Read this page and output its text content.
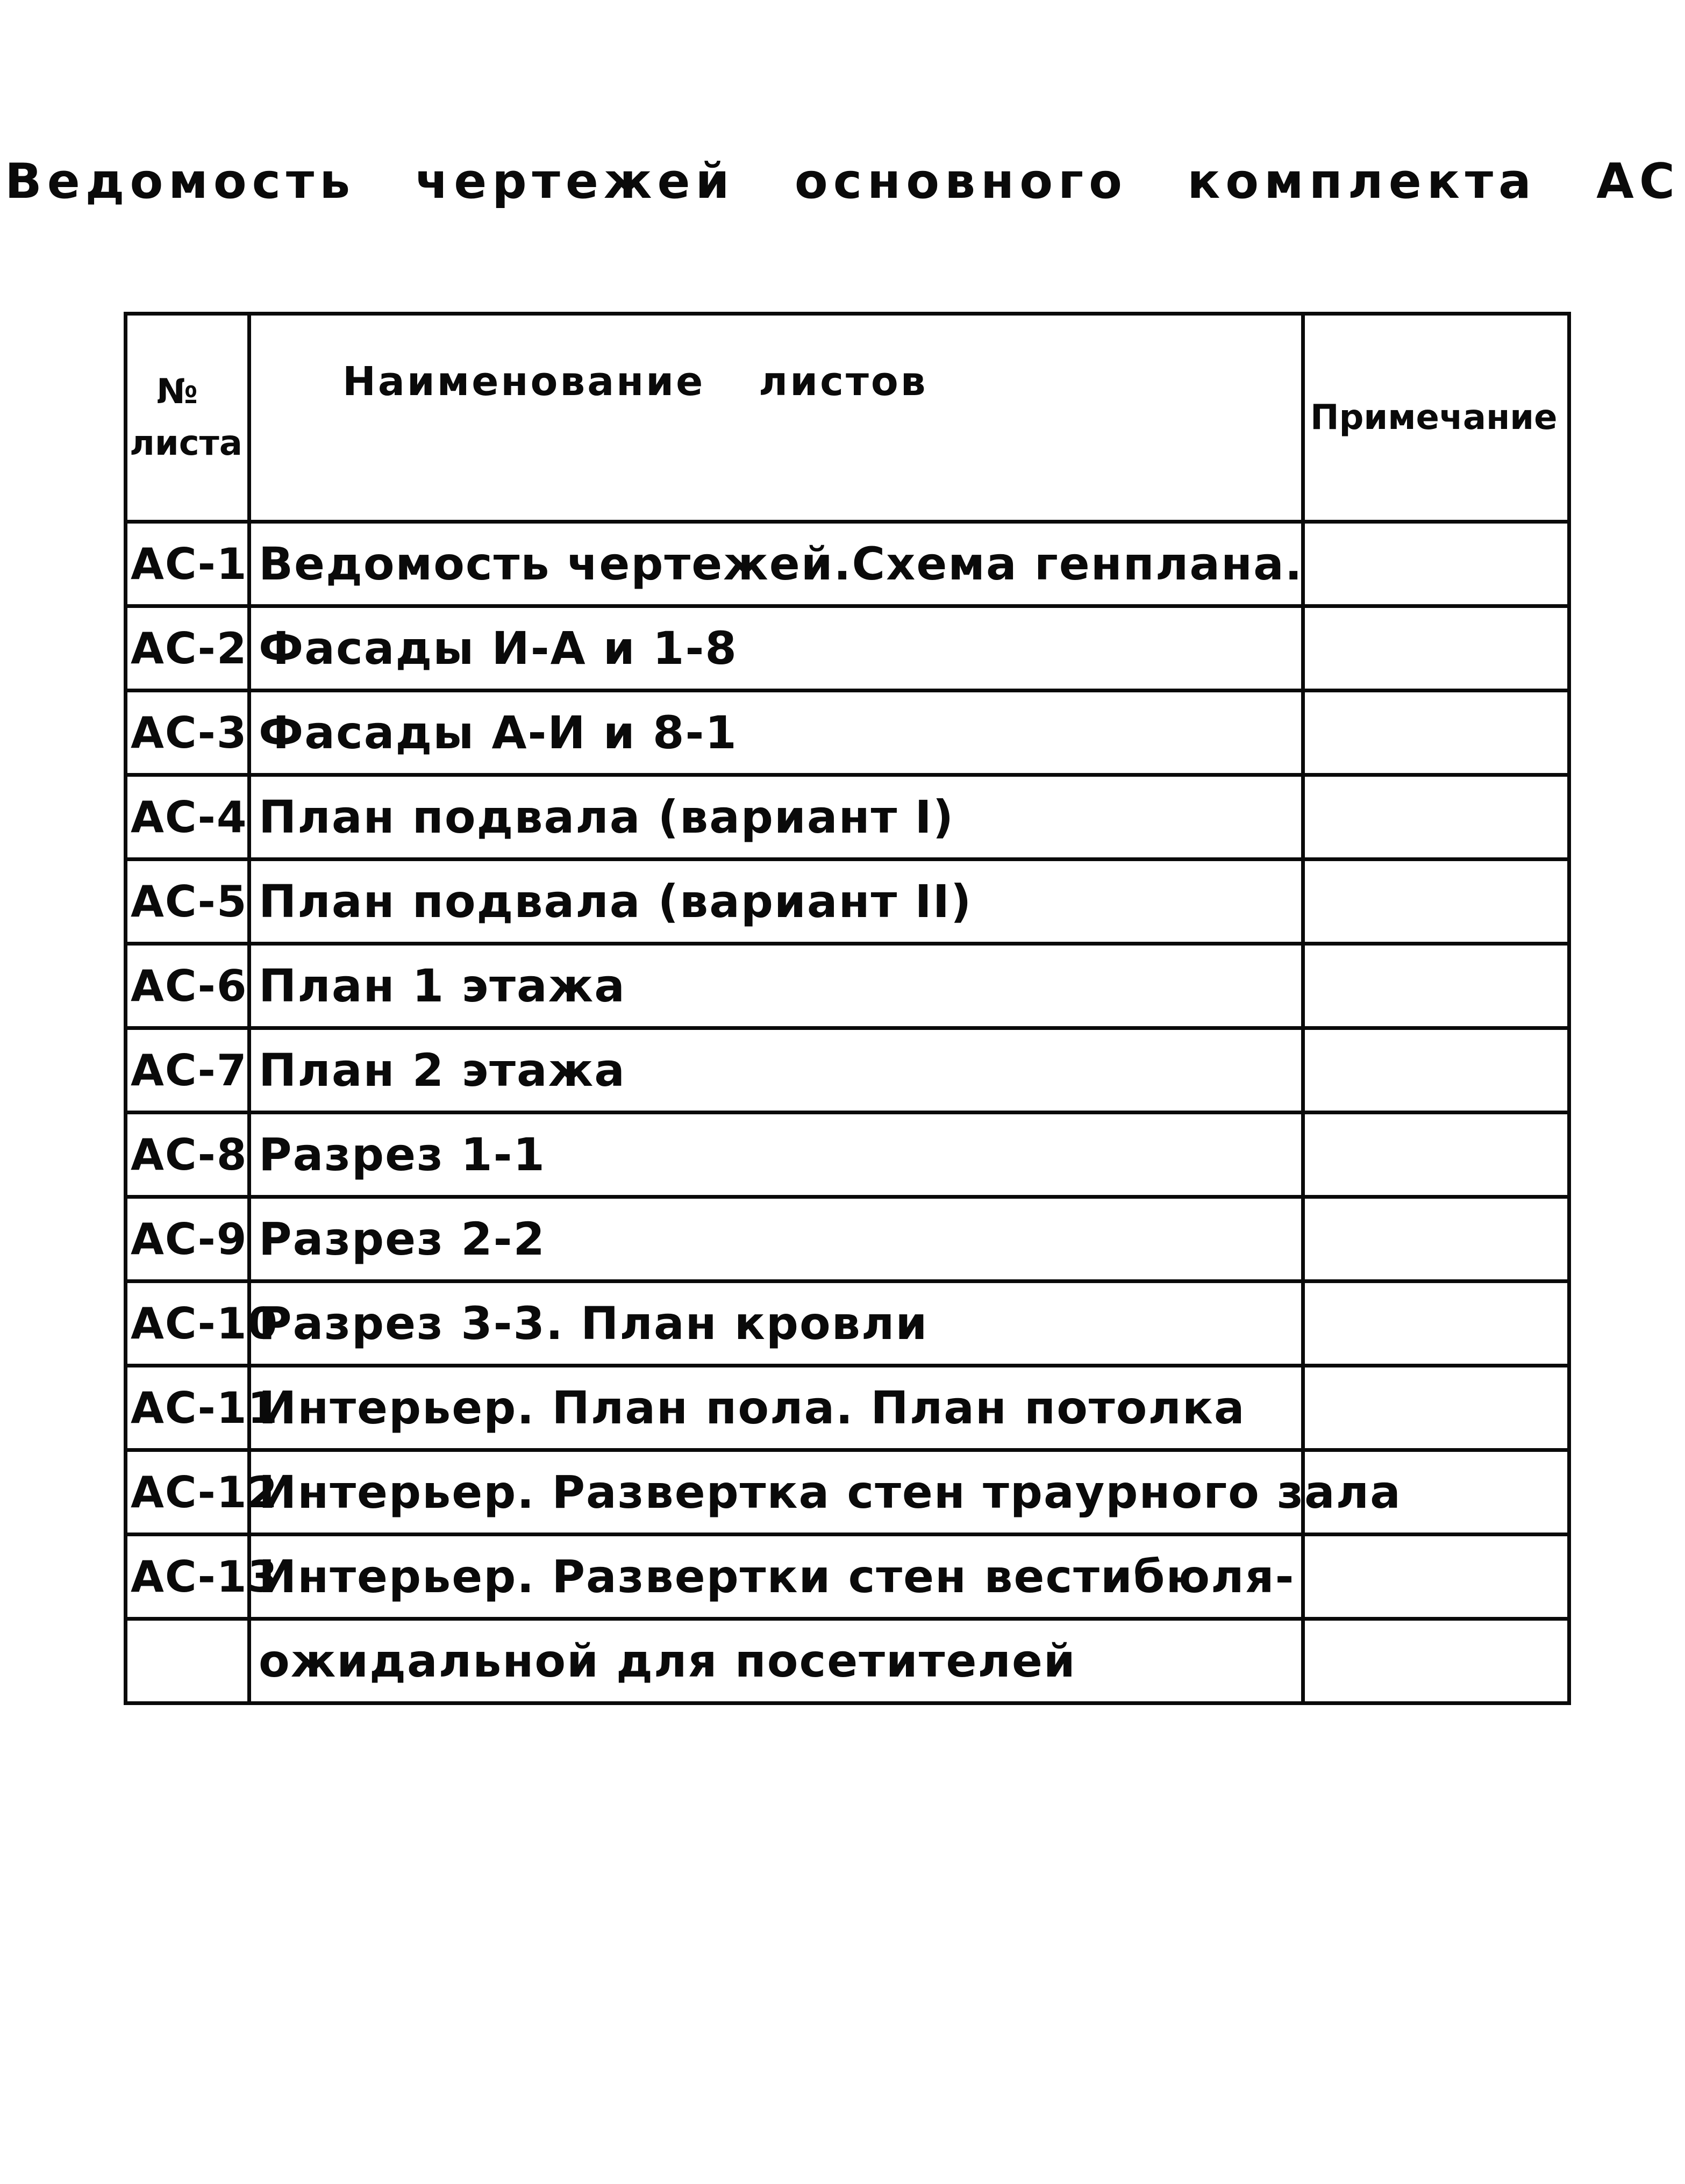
Ведомость чертежей основного комплекта АС
№
листа	Наименование листов	Примечание
АС-1	Ведомость чертежей.Схема генплана.	
АС-2	Фасады И-А и 1-8	
АС-3	Фасады А-И и 8-1	
АС-4	План подвала (вариант I)	
АС-5	План подвала (вариант II)	
АС-6	План 1 этажа	
АС-7	План 2 этажа	
АС-8	Разрез 1-1	
АС-9	Разрез 2-2	
АС-10	Разрез 3-3. План кровли	
АС-11	Интерьер. План пола. План потолка	
АС-12	Интерьер. Развертка стен траурного зала	
АС-13	Интерьер. Развертки стен вестибюля-	
	ожидальной для посетителей	
